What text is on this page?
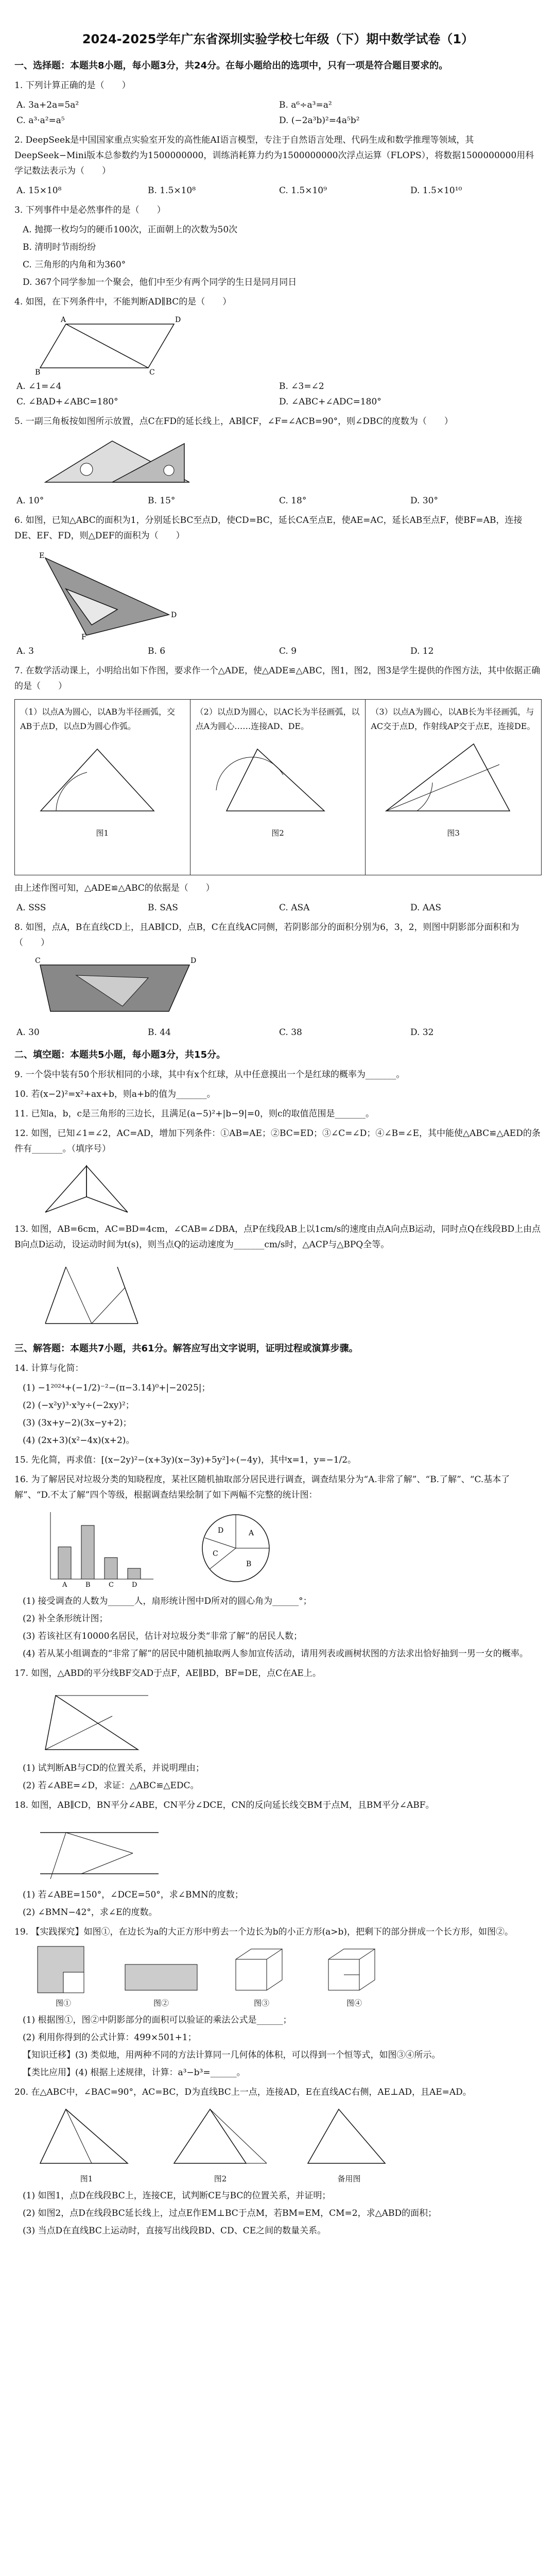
2024-2025学年广东省深圳实验学校七年级（下）期中数学试卷（1）
一、选择题：本题共8小题，每小题3分，共24分。在每小题给出的选项中，只有一项是符合题目要求的。
1. 下列计算正确的是（　　）
A. 3a+2a=5a²	B. a⁶÷a³=a²
C. a³·a²=a⁵	D. (−2a³b)²=4a⁵b²
2. DeepSeek是中国国家重点实验室开发的高性能AI语言模型，专注于自然语言处理、代码生成和数学推理等领域，其DeepSeek−Mini版本总参数约为1500000000，训练消耗算力约为1500000000次浮点运算（FLOPS），将数据1500000000用科学记数法表示为（　　）
A. 15×10⁸	B. 1.5×10⁸	C. 1.5×10⁹	D. 1.5×10¹⁰
3. 下列事件中是必然事件的是（　　）
A. 抛掷一枚均匀的硬币100次，正面朝上的次数为50次
B. 清明时节雨纷纷
C. 三角形的内角和为360°
D. 367个同学参加一个聚会，他们中至少有两个同学的生日是同月同日
4. 如图，在下列条件中，不能判断AD∥BC的是（　　）
A	D
B	C
A. ∠1=∠4	B. ∠3=∠2
C. ∠BAD+∠ABC=180°	D. ∠ABC+∠ADC=180°
5. 一副三角板按如图所示放置，点C在FD的延长线上，AB∥CF，∠F=∠ACB=90°，则∠DBC的度数为（　　）
A. 10°	B. 15°	C. 18°	D. 30°
6. 如图，已知△ABC的面积为1，分别延长BC至点D，使CD=BC，延长CA至点E，使AE=AC，延长AB至点F，使BF=AB，连接DE、EF、FD，则△DEF的面积为（　　）
E
D
F
A. 3	B. 6	C. 9	D. 12
7. 在数学活动课上，小明给出如下作图，要求作一个△ADE，使△ADE≌△ABC，图1，图2，图3是学生提供的作图方法，其中依据正确的是（　　）
（1）以点A为圆心，以AB为半径画弧，交AB于点D，以点D为圆心作弧。
图1
（2）以点D为圆心，以AC长为半径画弧，以点A为圆心……连接AD、DE。
图2
（3）以点A为圆心，以AB长为半径画弧，与AC交于点D，作射线AP交于点E，连接DE。
图3
由上述作图可知，△ADE≌△ABC的依据是（　　）
A. SSS	B. SAS	C. ASA	D. AAS
8. 如图，点A，B在直线CD上，且AB∥CD，点B，C在直线AC同侧，若阴影部分的面积分别为6，3，2，则图中阴影部分面积和为（　　）
C	D
A. 30	B. 44	C. 38	D. 32
二、填空题：本题共5小题，每小题3分，共15分。
9. 一个袋中装有50个形状相同的小球，其中有x个红球，从中任意摸出一个是红球的概率为_______。
10. 若(x−2)²=x²+ax+b，则a+b的值为_______。
11. 已知a，b，c是三角形的三边长，且满足(a−5)²+|b−9|=0，则c的取值范围是_______。
12. 如图，已知∠1=∠2，AC=AD，增加下列条件：①AB=AE；②BC=ED；③∠C=∠D；④∠B=∠E，其中能使△ABC≌△AED的条件有_______。（填序号）
13. 如图，AB=6cm，AC=BD=4cm，∠CAB=∠DBA，点P在线段AB上以1cm/s的速度由点A向点B运动，同时点Q在线段BD上由点B向点D运动，设运动时间为t(s)，则当点Q的运动速度为_______cm/s时，△ACP与△BPQ全等。
三、解答题：本题共7小题，共61分。解答应写出文字说明，证明过程或演算步骤。
14. 计算与化简：
(1) −1²⁰²⁴+(−1/2)⁻²−(π−3.14)⁰+|−2025|；
(2) (−x²y)³·x³y÷(−2xy)²；
(3) (3x+y−2)(3x−y+2)；
(4) (2x+3)(x²−4x)(x+2)。
15. 先化简，再求值：[(x−2y)²−(x+3y)(x−3y)+5y²]÷(−4y)，其中x=1，y=−1/2。
16. 为了解居民对垃圾分类的知晓程度，某社区随机抽取部分居民进行调查，调查结果分为“A.非常了解”、“B.了解”、“C.基本了解”、“D.不太了解”四个等级，根据调查结果绘制了如下两幅不完整的统计图：
A	B	C	D
A
B
C
D
(1) 接受调查的人数为______人，扇形统计图中D所对的圆心角为______°；
(2) 补全条形统计图；
(3) 若该社区有10000名居民，估计对垃圾分类“非常了解”的居民人数；
(4) 若从某小组调查的“非常了解”的居民中随机抽取两人参加宣传活动，请用列表或画树状图的方法求出恰好抽到一男一女的概率。
17. 如图，△ABD的平分线BF交AD于点F，AE∥BD，BF=DE，点C在AE上。
(1) 试判断AB与CD的位置关系，并说明理由；
(2) 若∠ABE=∠D，求证：△ABC≌△EDC。
18. 如图，AB∥CD，BN平分∠ABE，CN平分∠DCE，CN的反向延长线交BM于点M，且BM平分∠ABF。
(1) 若∠ABE=150°，∠DCE=50°，求∠BMN的度数；
(2) ∠BMN−42°，求∠E的度数。
19. 【实践探究】如图①，在边长为a的大正方形中剪去一个边长为b的小正方形(a>b)，把剩下的部分拼成一个长方形，如图②。
图①	图②	图③	图④
(1) 根据图①，图②中阴影部分的面积可以验证的乘法公式是______；
(2) 利用你得到的公式计算：499×501+1；
【知识迁移】(3) 类似地，用两种不同的方法计算同一几何体的体积，可以得到一个恒等式，如图③④所示。
【类比应用】(4) 根据上述规律，计算：a³−b³=______。
20. 在△ABC中，∠BAC=90°，AC=BC，D为直线BC上一点，连接AD，E在直线AC右侧，AE⊥AD，且AE=AD。
图1	图2	备用图
(1) 如图1，点D在线段BC上，连接CE，试判断CE与BC的位置关系，并证明；
(2) 如图2，点D在线段BC延长线上，过点E作EM⊥BC于点M，若BM=EM，CM=2，求△ABD的面积；
(3) 当点D在直线BC上运动时，直接写出线段BD、CD、CE之间的数量关系。
